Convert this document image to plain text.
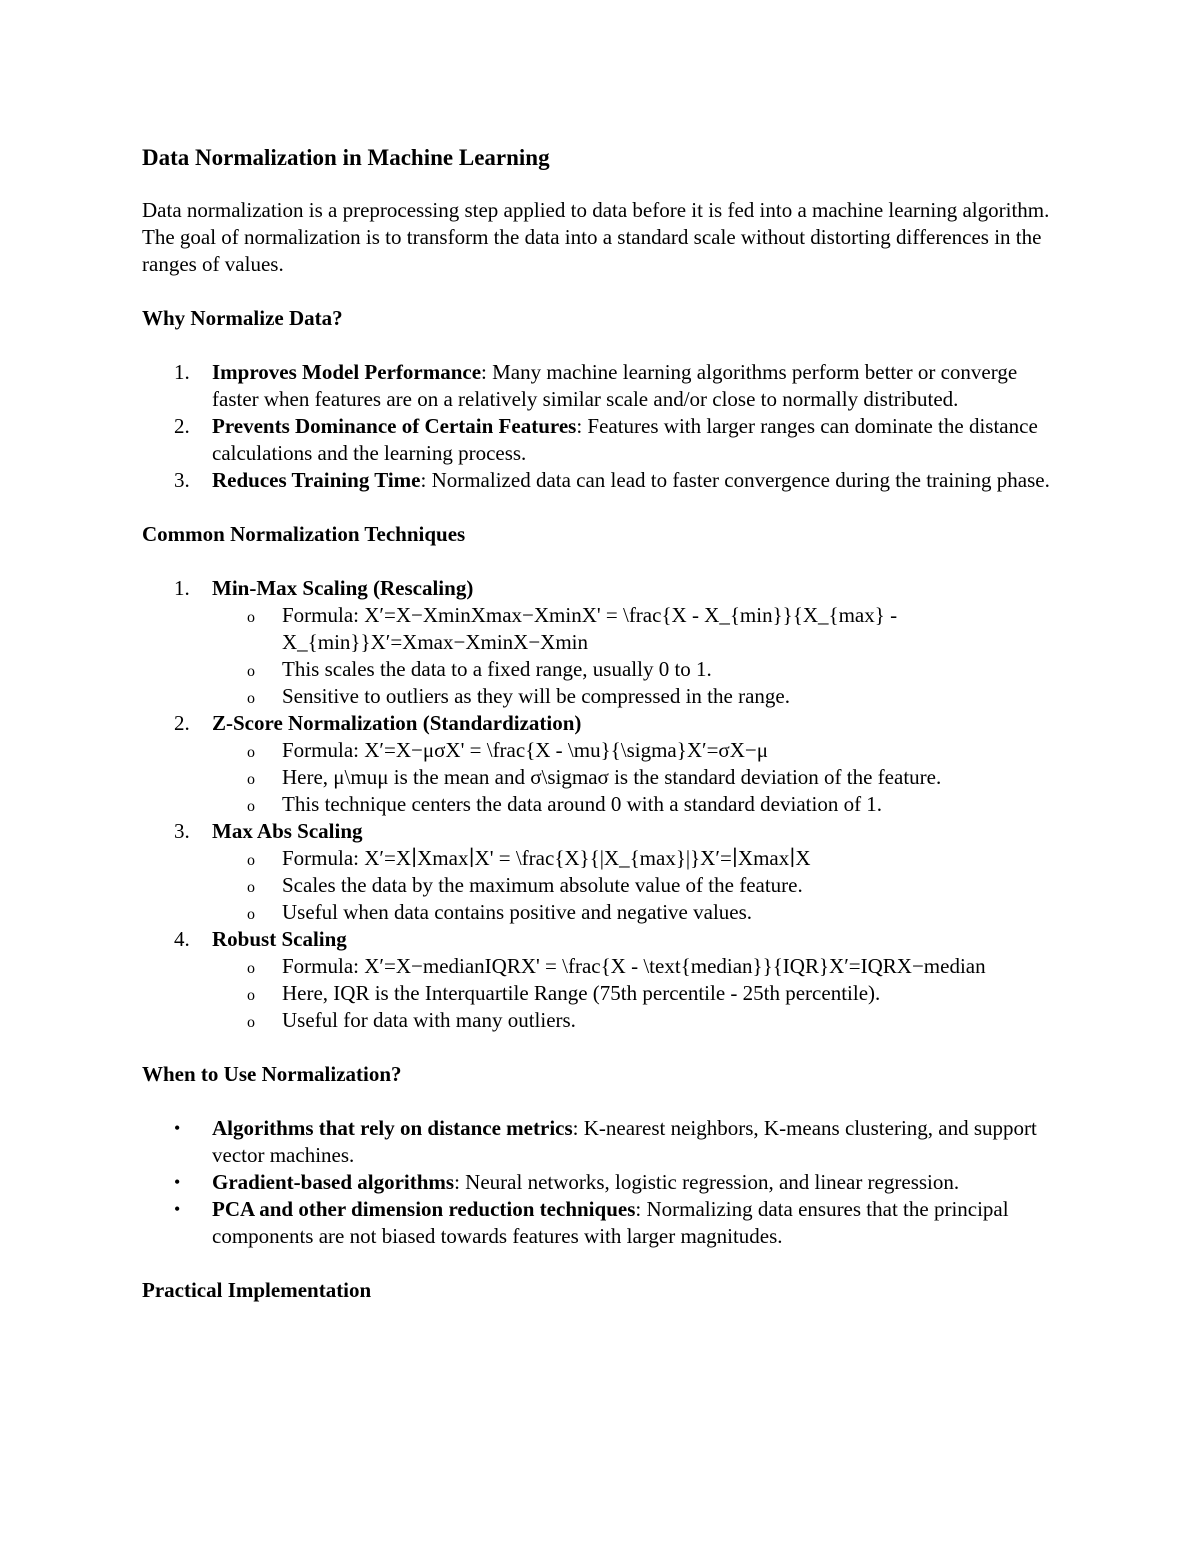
Data Normalization in Machine Learning

Data normalization is a preprocessing step applied to data before it is fed into a machine learning algorithm. The goal of normalization is to transform the data into a standard scale without distorting differences in the ranges of values.

Why Normalize Data?
1. Improves Model Performance: Many machine learning algorithms perform better or converge faster when features are on a relatively similar scale and/or close to normally distributed.
2. Prevents Dominance of Certain Features: Features with larger ranges can dominate the distance calculations and the learning process.
3. Reduces Training Time: Normalized data can lead to faster convergence during the training phase.
Common Normalization Techniques
1. Min-Max Scaling (Rescaling)
o Formula: X′=X−XminXmax−XminX' = \frac{X - X_{min}}{X_{max} - X_{min}}X′=Xmax−XminX−Xmin
o This scales the data to a fixed range, usually 0 to 1.
o Sensitive to outliers as they will be compressed in the range.
2. Z-Score Normalization (Standardization)
o Formula: X′=X−μσX' = \frac{X - \mu}{\sigma}X′=σX−μ
o Here, μ\muμ is the mean and σ\sigmaσ is the standard deviation of the feature.
o This technique centers the data around 0 with a standard deviation of 1.
3. Max Abs Scaling
o Formula: X′=X∣Xmax∣X' = \frac{X}{|X_{max}|}X′=∣Xmax∣X
o Scales the data by the maximum absolute value of the feature.
o Useful when data contains positive and negative values.
4. Robust Scaling
o Formula: X′=X−medianIQRX' = \frac{X - \text{median}}{IQR}X′=IQRX−median
o Here, IQR is the Interquartile Range (75th percentile - 25th percentile).
o Useful for data with many outliers.
When to Use Normalization?
• Algorithms that rely on distance metrics: K-nearest neighbors, K-means clustering, and support vector machines.
• Gradient-based algorithms: Neural networks, logistic regression, and linear regression.
• PCA and other dimension reduction techniques: Normalizing data ensures that the principal components are not biased towards features with larger magnitudes.
Practical Implementation
